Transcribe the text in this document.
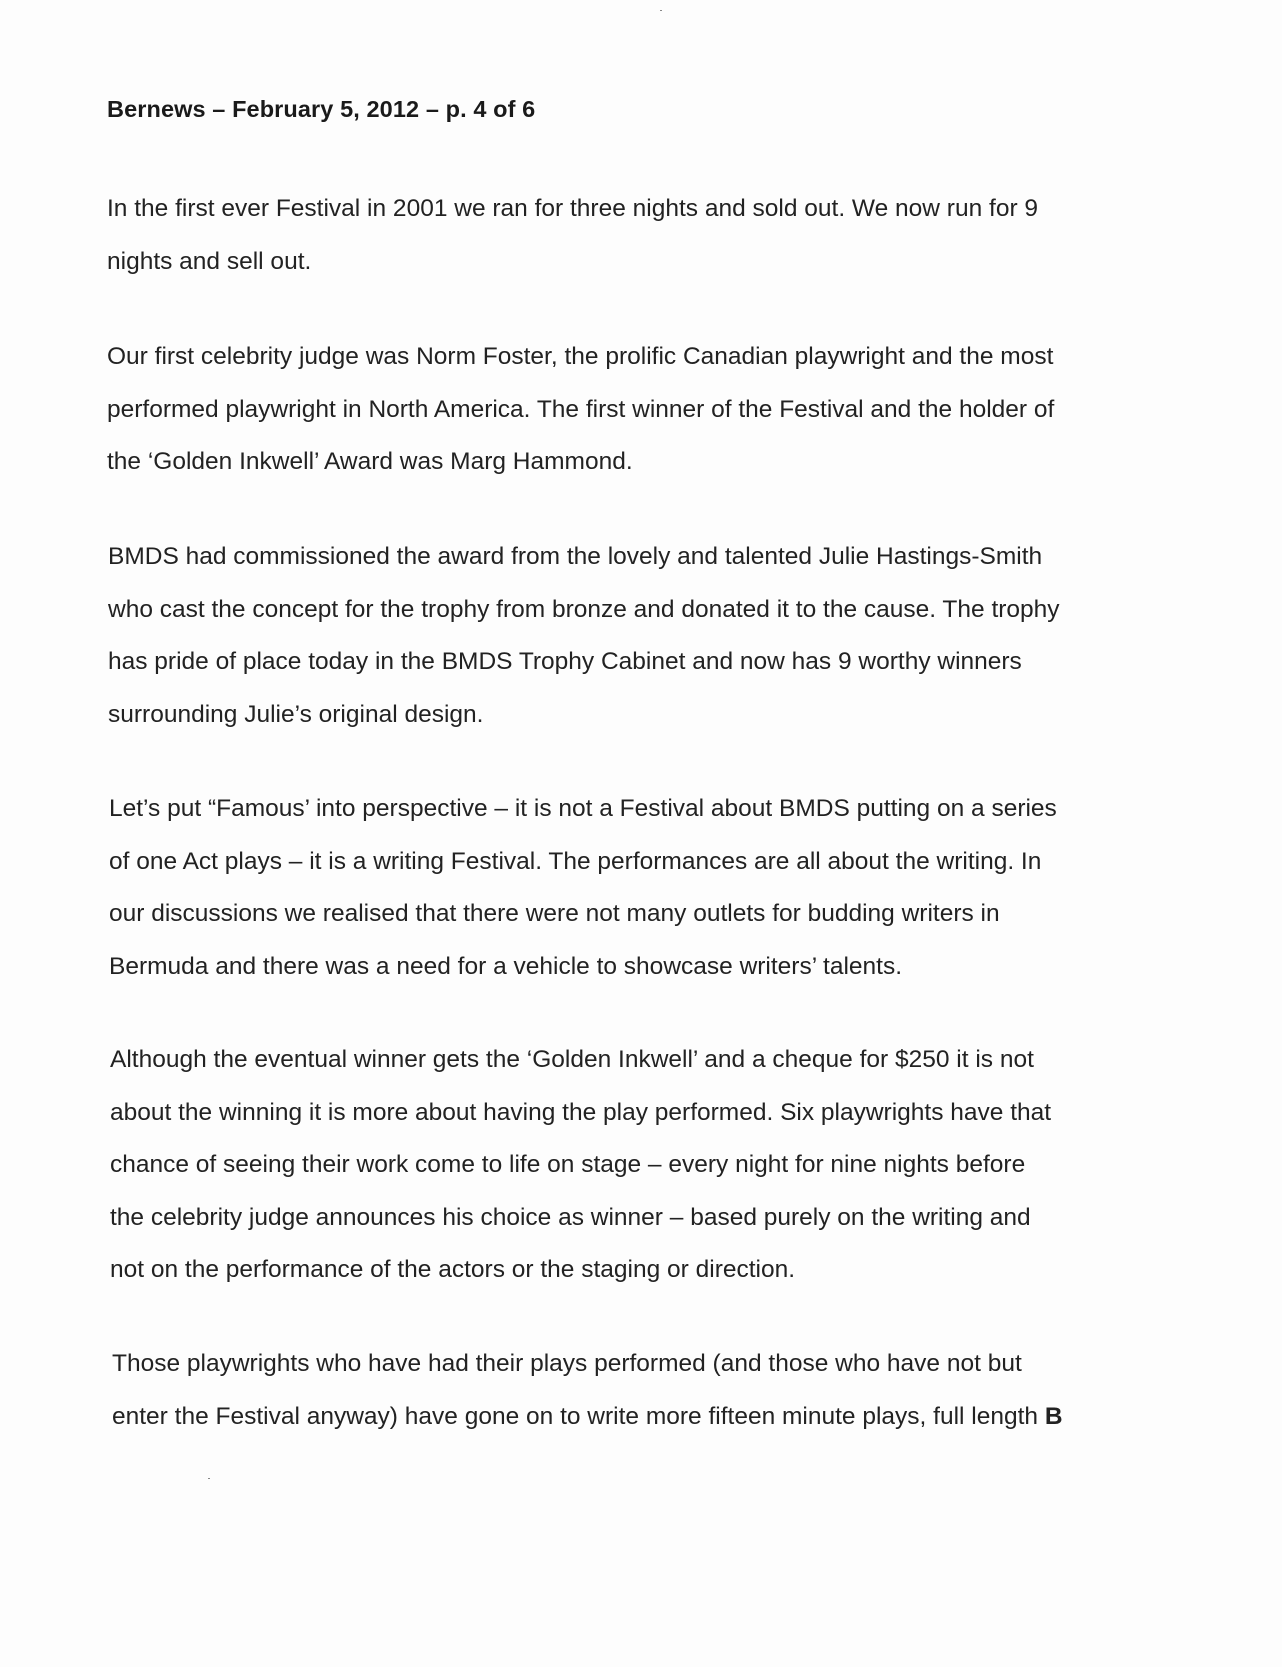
Bernews – February 5, 2012 – p. 4 of 6
In the first ever Festival in 2001 we ran for three nights and sold out. We now run for 9
nights and sell out.
Our first celebrity judge was Norm Foster, the prolific Canadian playwright and the most
performed playwright in North America. The first winner of the Festival and the holder of
the ‘Golden Inkwell’ Award was Marg Hammond.
BMDS had commissioned the award from the lovely and talented Julie Hastings-Smith
who cast the concept for the trophy from bronze and donated it to the cause. The trophy
has pride of place today in the BMDS Trophy Cabinet and now has 9 worthy winners
surrounding Julie’s original design.
Let’s put “Famous’ into perspective – it is not a Festival about BMDS putting on a series
of one Act plays – it is a writing Festival. The performances are all about the writing. In
our discussions we realised that there were not many outlets for budding writers in
Bermuda and there was a need for a vehicle to showcase writers’ talents.
Although the eventual winner gets the ‘Golden Inkwell’ and a cheque for $250 it is not
about the winning it is more about having the play performed. Six playwrights have that
chance of seeing their work come to life on stage – every night for nine nights before
the celebrity judge announces his choice as winner – based purely on the writing and
not on the performance of the actors or the staging or direction.
Those playwrights who have had their plays performed (and those who have not but
enter the Festival anyway) have gone on to write more fifteen minute plays, full length B
